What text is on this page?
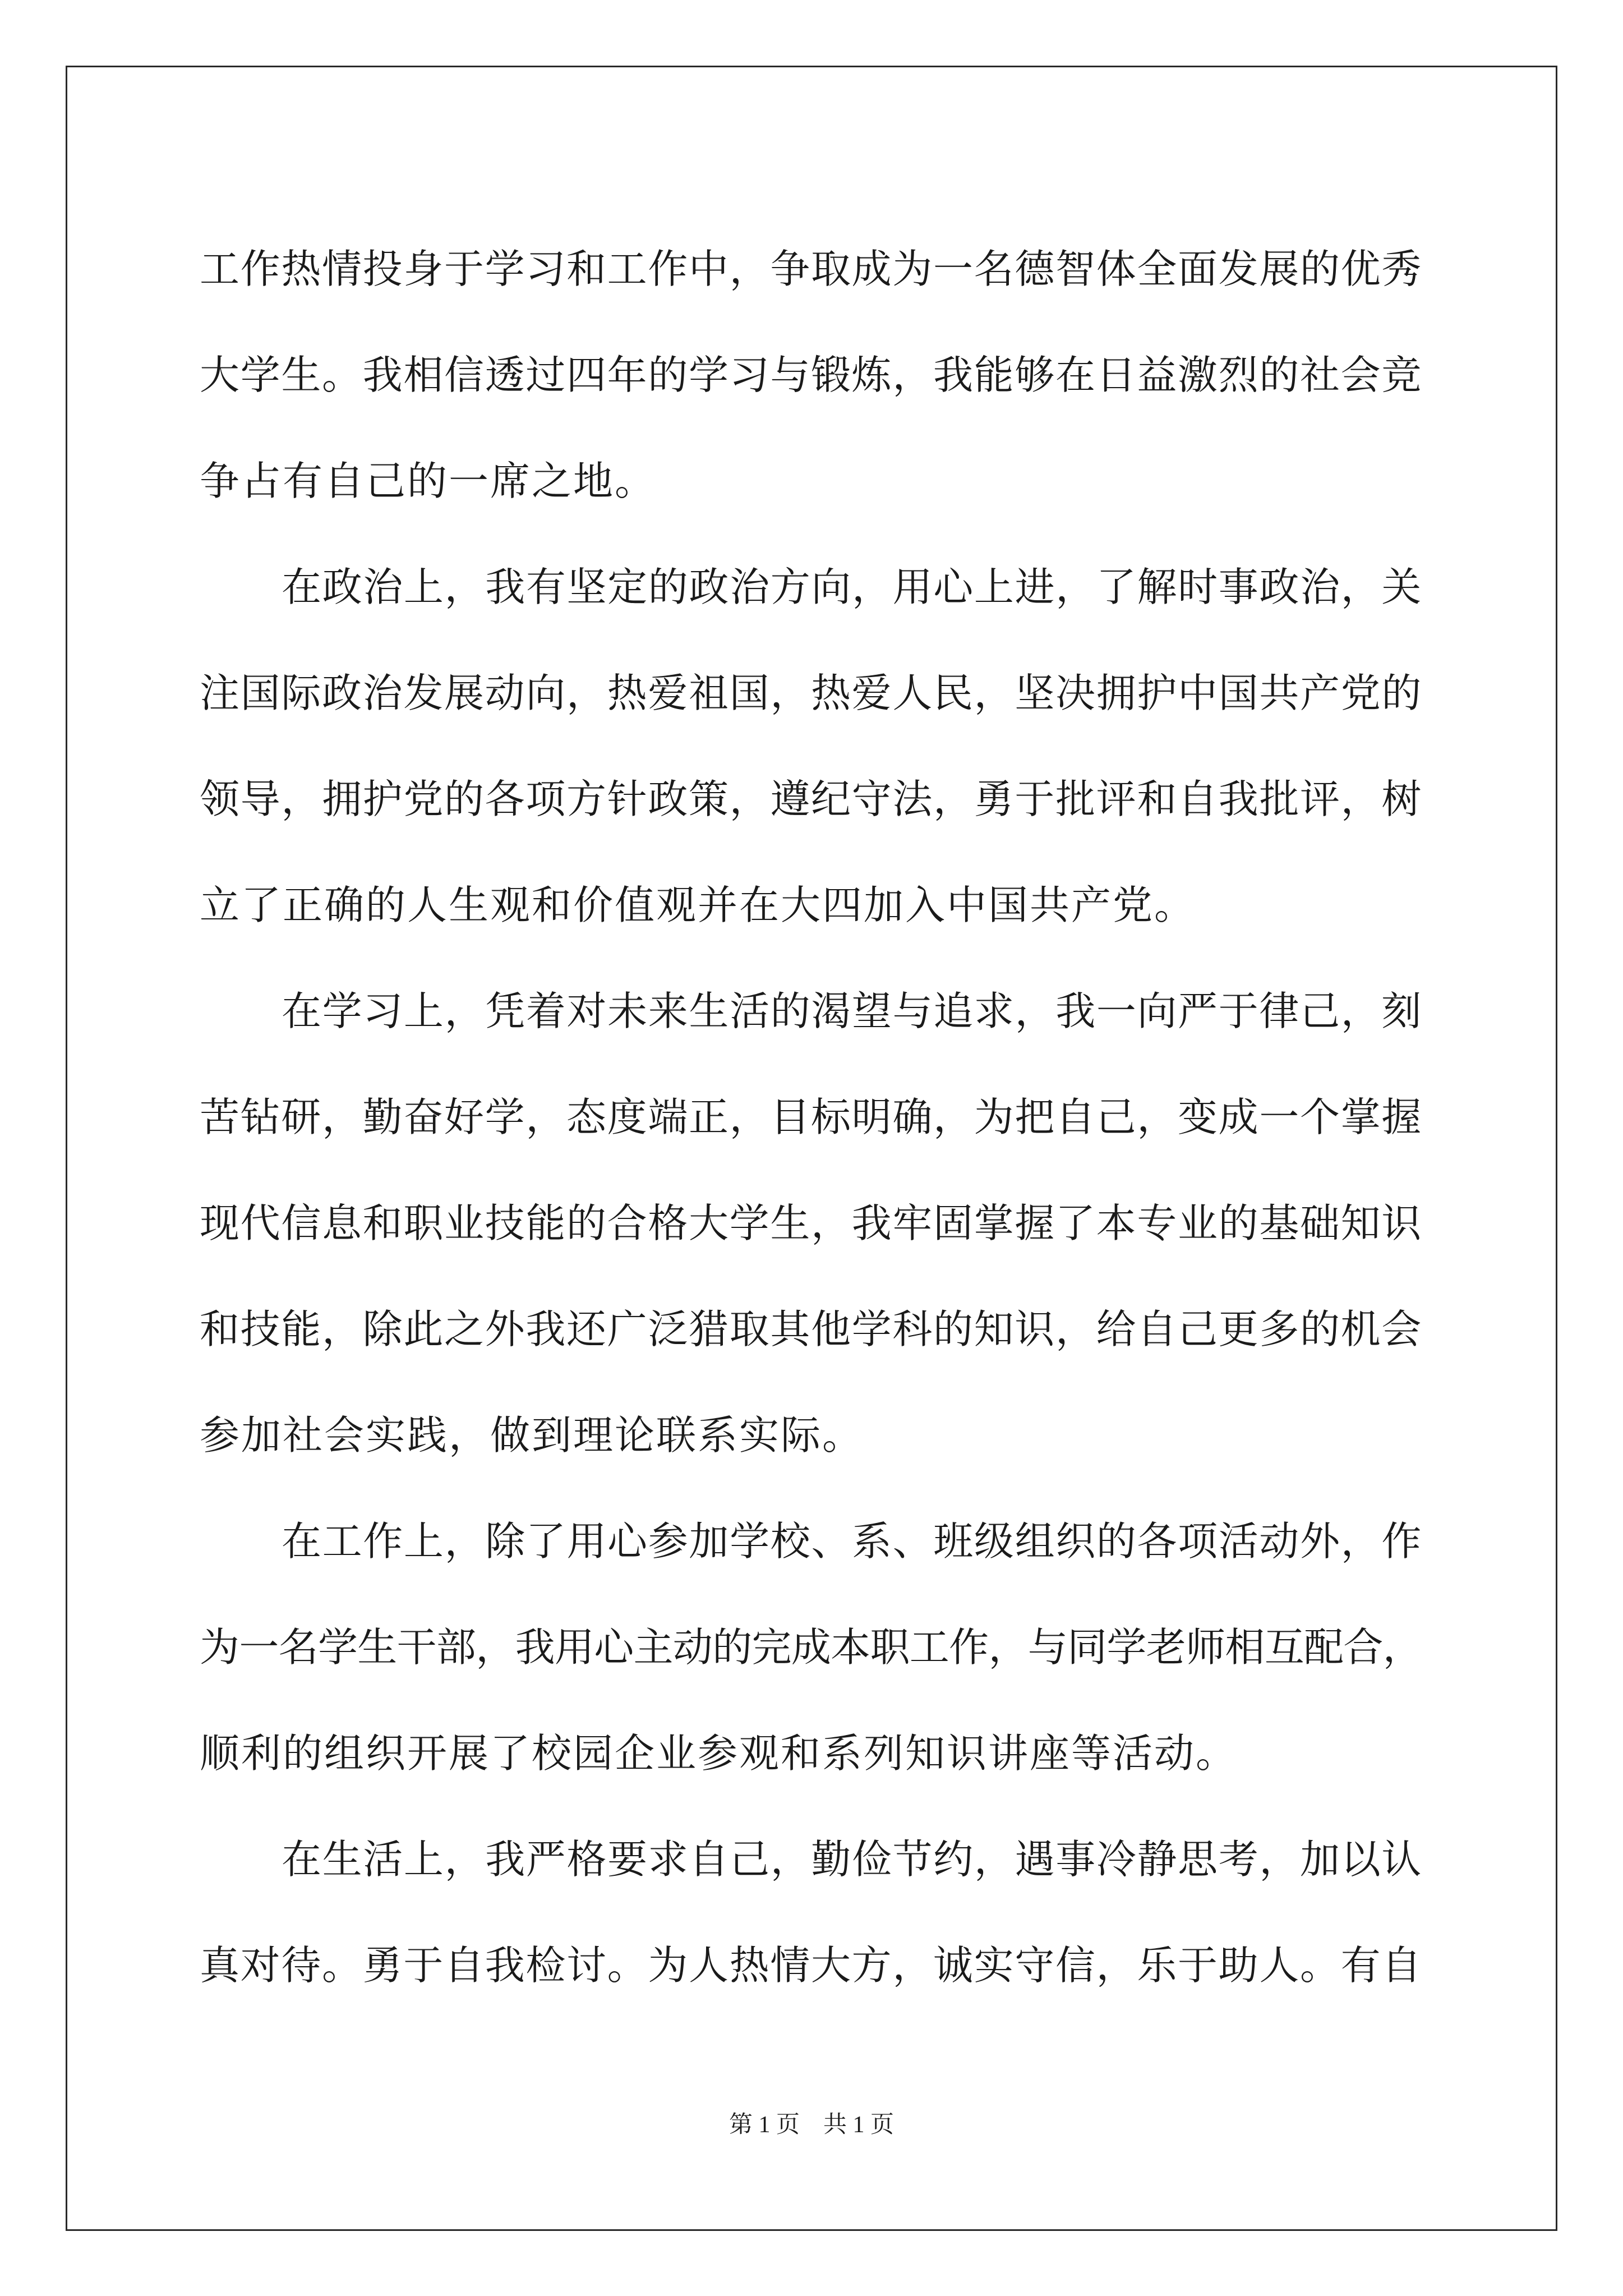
工作热情投身于学习和工作中，争取成为一名德智体全面发展的优秀
大学生。我相信透过四年的学习与锻炼，我能够在日益激烈的社会竞
争占有自己的一席之地。
在政治上，我有坚定的政治方向，用心上进，了解时事政治，关
注国际政治发展动向，热爱祖国，热爱人民，坚决拥护中国共产党的
领导，拥护党的各项方针政策，遵纪守法，勇于批评和自我批评，树
立了正确的人生观和价值观并在大四加入中国共产党。
在学习上，凭着对未来生活的渴望与追求，我一向严于律己，刻
苦钻研，勤奋好学，态度端正，目标明确，为把自己，变成一个掌握
现代信息和职业技能的合格大学生，我牢固掌握了本专业的基础知识
和技能，除此之外我还广泛猎取其他学科的知识，给自己更多的机会
参加社会实践，做到理论联系实际。
在工作上，除了用心参加学校、系、班级组织的各项活动外，作
为一名学生干部，我用心主动的完成本职工作，与同学老师相互配合，
顺利的组织开展了校园企业参观和系列知识讲座等活动。
在生活上，我严格要求自己，勤俭节约，遇事冷静思考，加以认
真对待。勇于自我检讨。为人热情大方，诚实守信，乐于助人。有自
第 1 页    共 1 页
